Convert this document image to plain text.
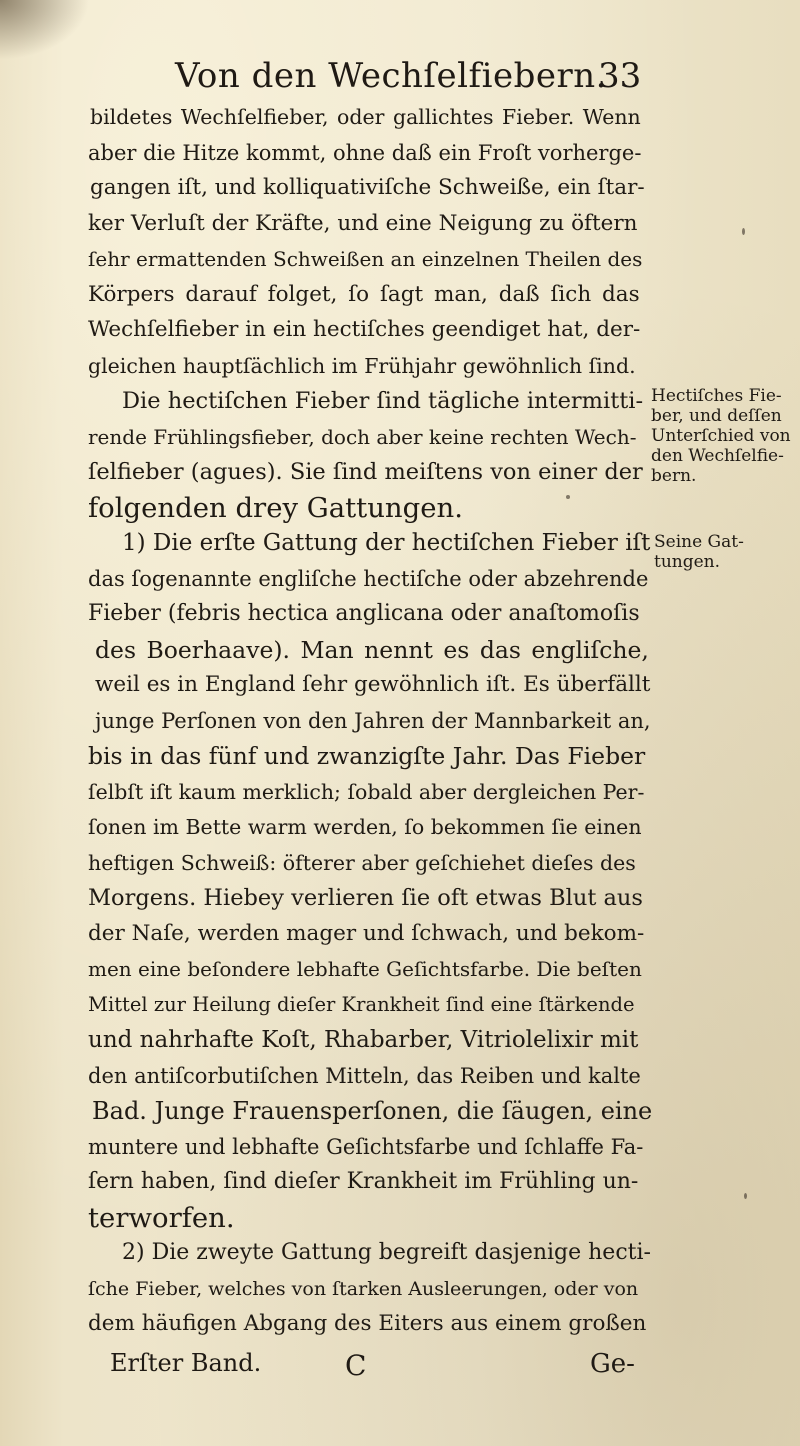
Von den Wechſelfiebern.
33
bildetes Wechſelfieber, oder gallichtes Fieber. Wenn
aber die Hitze kommt, ohne daß ein Froſt vorherge-
gangen iſt, und kolliquativiſche Schweiße, ein ſtar-
ker Verluſt der Kräfte, und eine Neigung zu öftern
ſehr ermattenden Schweißen an einzelnen Theilen des
Körpers darauf folget, ſo ſagt man, daß ſich das
Wechſelfieber in ein hectiſches geendiget hat, der-
gleichen hauptſächlich im Frühjahr gewöhnlich ſind.
Die hectiſchen Fieber ſind tägliche intermitti-
rende Frühlingsfieber, doch aber keine rechten Wech-
ſelfieber (agues). Sie ſind meiſtens von einer der
folgenden drey Gattungen.
1) Die erſte Gattung der hectiſchen Fieber iſt
das ſogenannte engliſche hectiſche oder abzehrende
Fieber (febris hectica anglicana oder anaſtomoſis
des Boerhaave). Man nennt es das engliſche,
weil es in England ſehr gewöhnlich iſt. Es überfällt
junge Perſonen von den Jahren der Mannbarkeit an,
bis in das fünf und zwanzigſte Jahr. Das Fieber
ſelbſt iſt kaum merklich; ſobald aber dergleichen Per-
ſonen im Bette warm werden, ſo bekommen ſie einen
heftigen Schweiß: öfterer aber geſchiehet dieſes des
Morgens. Hiebey verlieren ſie oft etwas Blut aus
der Naſe, werden mager und ſchwach, und bekom-
men eine beſondere lebhafte Geſichtsfarbe. Die beſten
Mittel zur Heilung dieſer Krankheit ſind eine ſtärkende
und nahrhafte Koſt, Rhabarber, Vitriolelixir mit
den antiſcorbutiſchen Mitteln, das Reiben und kalte
Bad. Junge Frauensperſonen, die ſäugen, eine
muntere und lebhafte Geſichtsfarbe und ſchlaffe Fa-
ſern haben, ſind dieſer Krankheit im Frühling un-
terworfen.
Hectiſches Fie-
ber, und deſſen
Unterſchied von
den Wechſelfie-
bern.
Seine Gat-
tungen.
2) Die zweyte Gattung begreift dasjenige hecti-
ſche Fieber, welches von ſtarken Ausleerungen, oder von
dem häufigen Abgang des Eiters aus einem großen
Erſter Band.	C	Ge-
